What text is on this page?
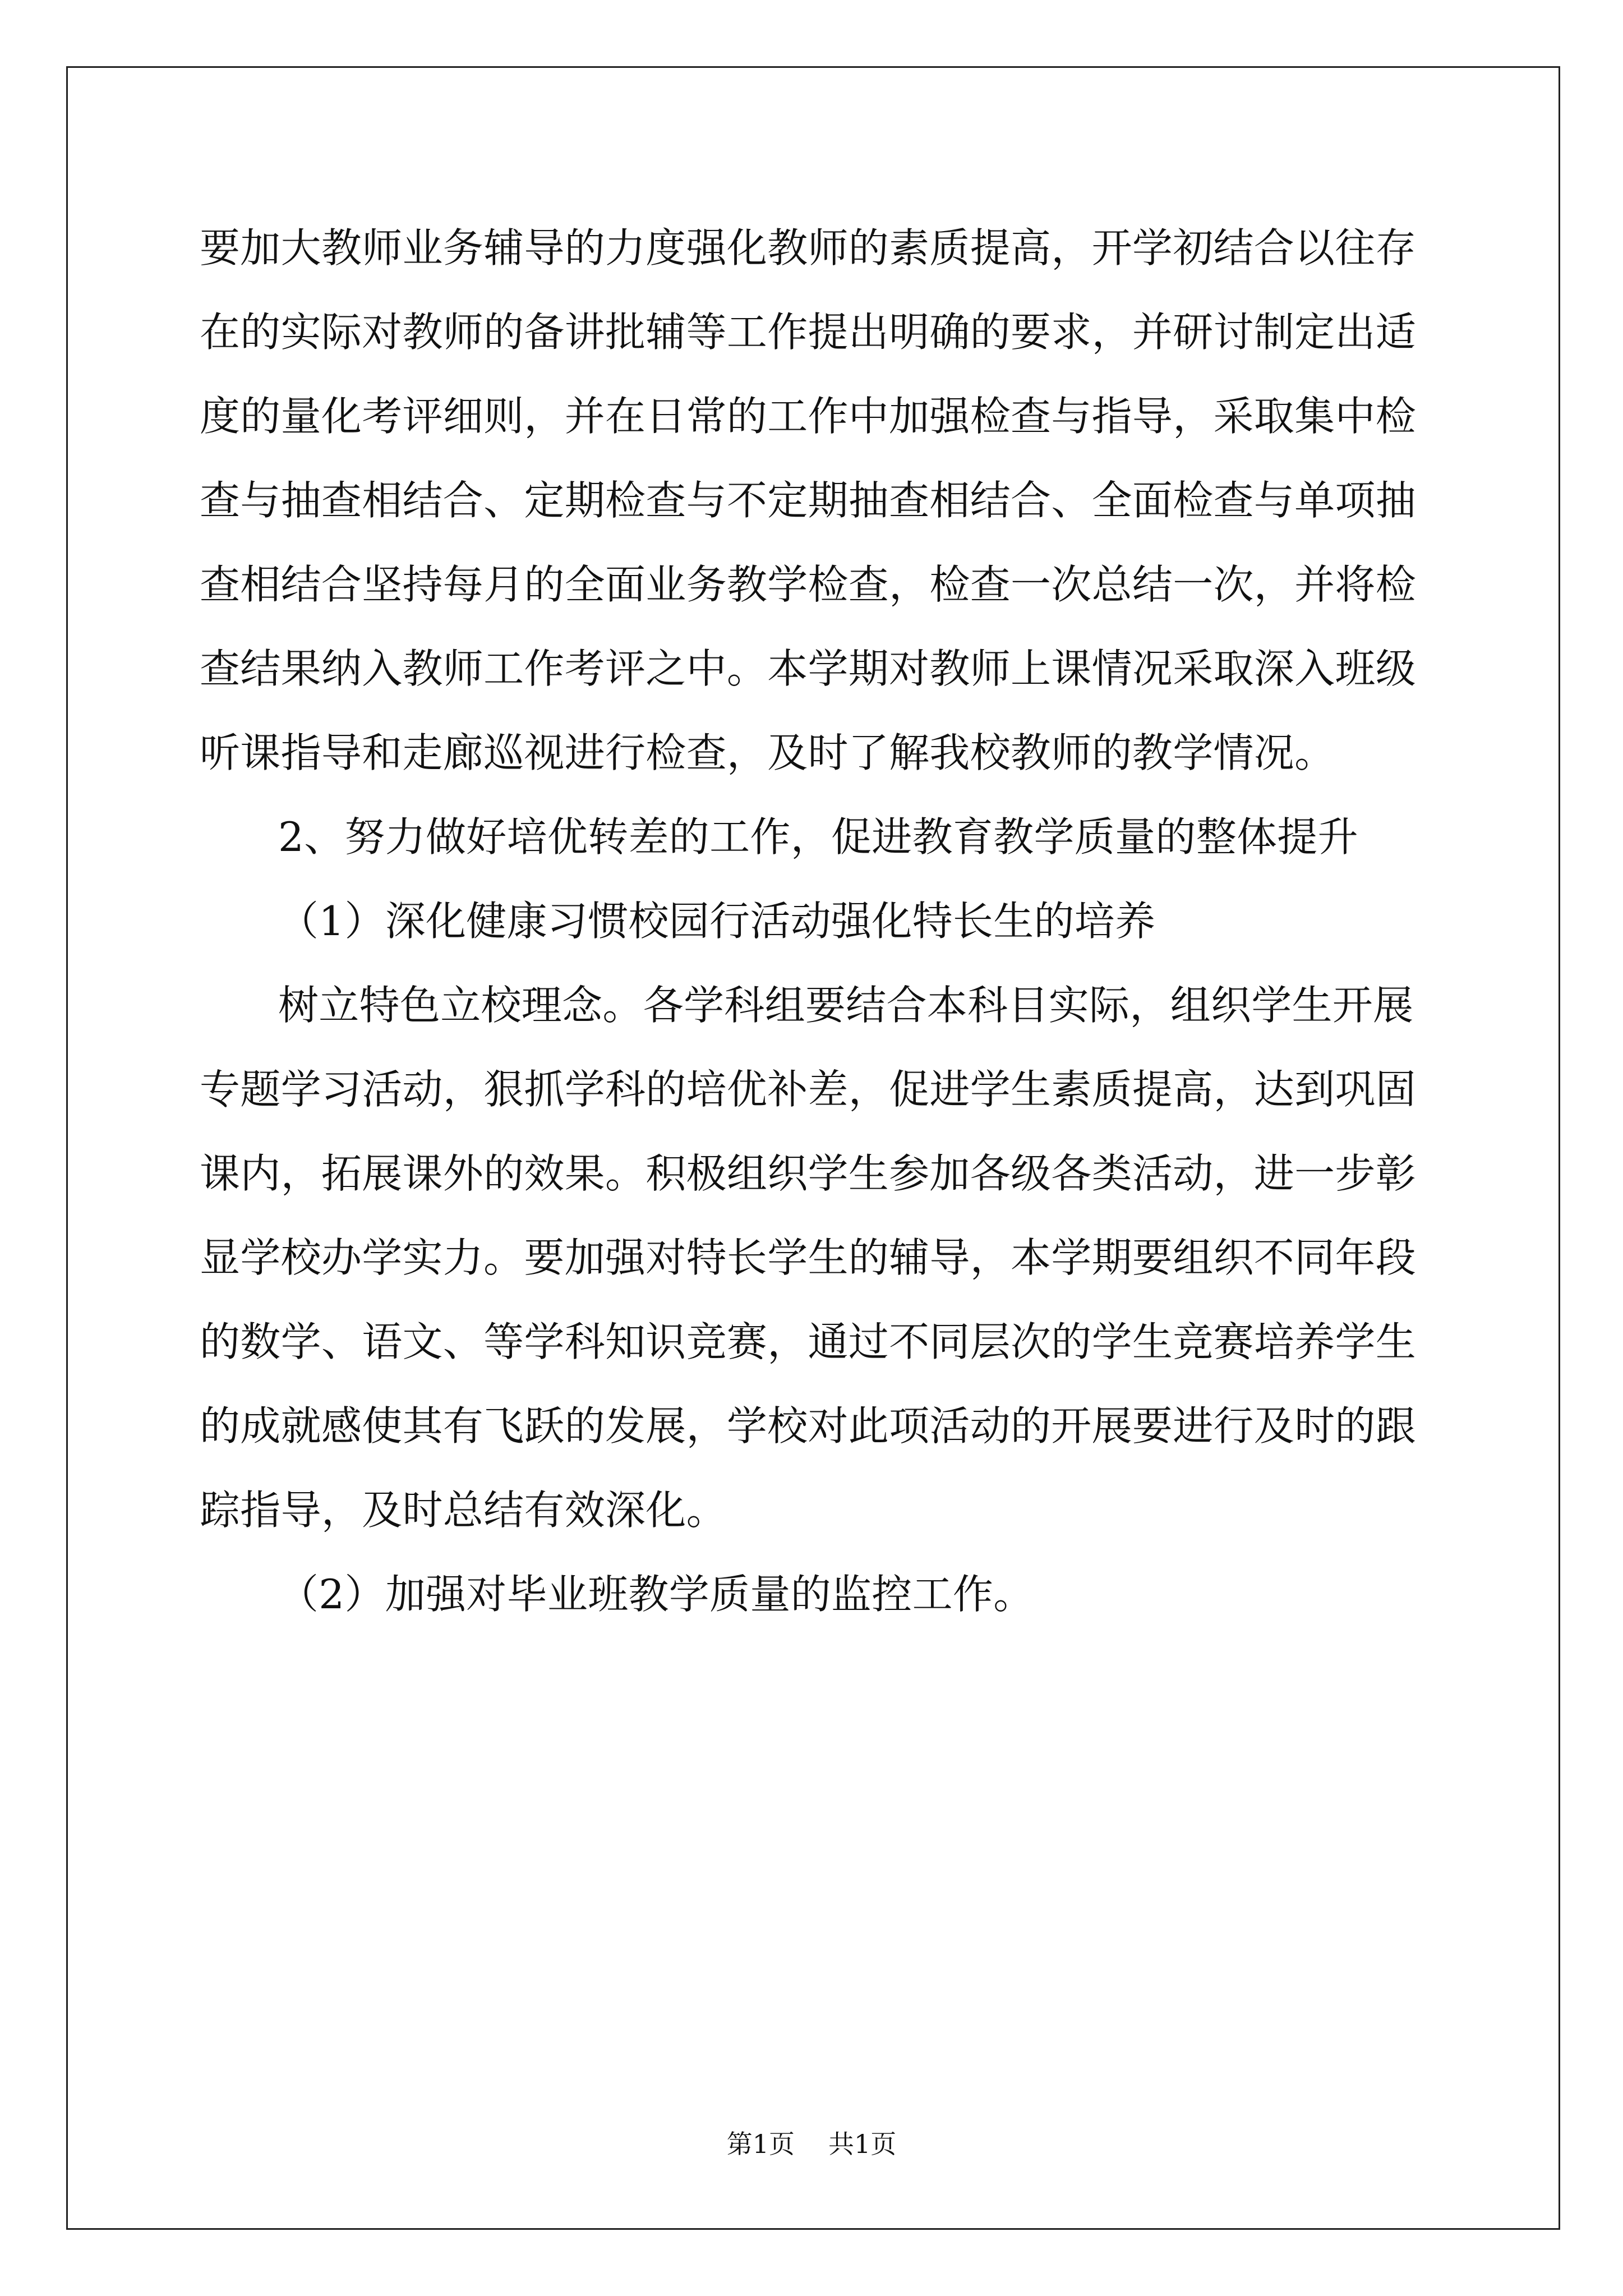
要加大教师业务辅导的力度强化教师的素质提高，开学初结合以往存

在的实际对教师的备讲批辅等工作提出明确的要求，并研讨制定出适

度的量化考评细则，并在日常的工作中加强检查与指导，采取集中检

查与抽查相结合、定期检查与不定期抽查相结合、全面检查与单项抽

查相结合坚持每月的全面业务教学检查，检查一次总结一次，并将检

查结果纳入教师工作考评之中。本学期对教师上课情况采取深入班级

听课指导和走廊巡视进行检查，及时了解我校教师的教学情况。

2、努力做好培优转差的工作，促进教育教学质量的整体提升

（1）深化健康习惯校园行活动强化特长生的培养

树立特色立校理念。各学科组要结合本科目实际，组织学生开展

专题学习活动，狠抓学科的培优补差，促进学生素质提高，达到巩固

课内，拓展课外的效果。积极组织学生参加各级各类活动，进一步彰

显学校办学实力。要加强对特长学生的辅导，本学期要组织不同年段

的数学、语文、等学科知识竞赛，通过不同层次的学生竞赛培养学生

的成就感使其有飞跃的发展，学校对此项活动的开展要进行及时的跟

踪指导，及时总结有效深化。

（2）加强对毕业班教学质量的监控工作。

第1页 共1页
